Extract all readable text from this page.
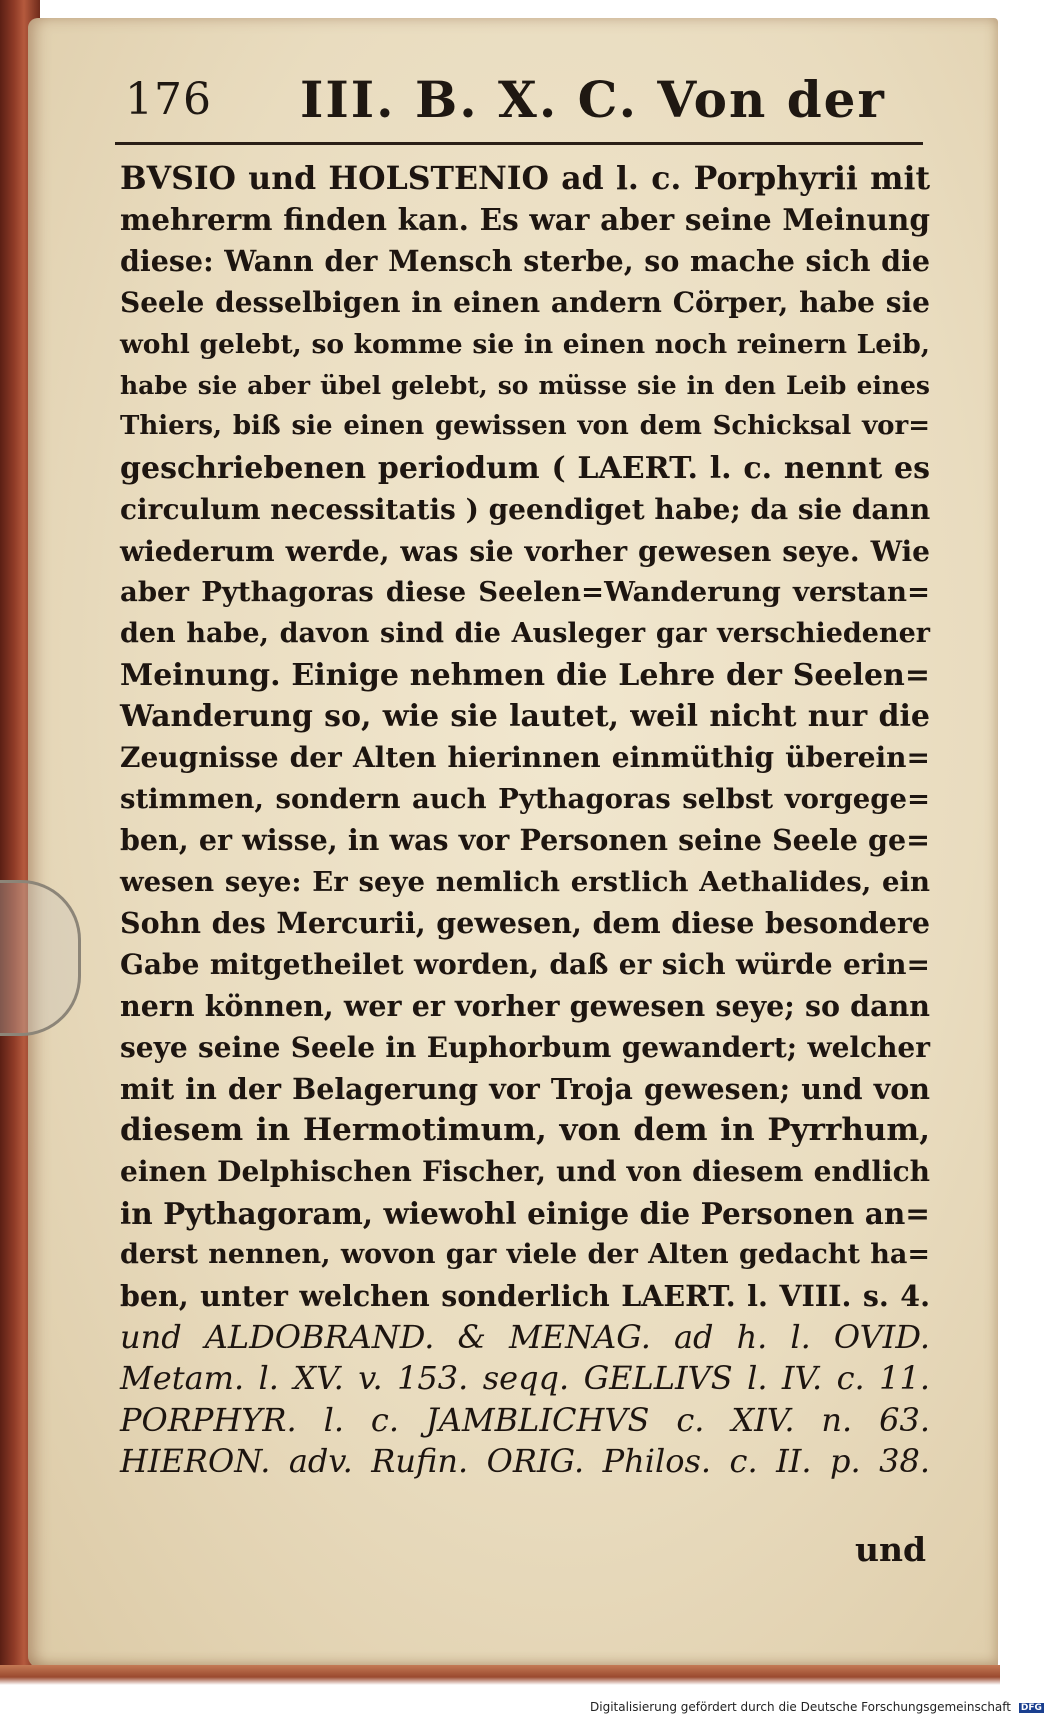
176 III. B. X. C. Von der
BVSIO und HOLSTENIO ad l. c. Porphyrii mit
mehrerm finden kan. Es war aber seine Meinung
diese: Wann der Mensch sterbe, so mache sich die
Seele desselbigen in einen andern Cörper, habe sie
wohl gelebt, so komme sie in einen noch reinern Leib,
habe sie aber übel gelebt, so müsse sie in den Leib eines
Thiers, biß sie einen gewissen von dem Schicksal vor=
geschriebenen periodum ( LAERT. l. c. nennt es
circulum necessitatis ) geendiget habe; da sie dann
wiederum werde, was sie vorher gewesen seye. Wie
aber Pythagoras diese Seelen=Wanderung verstan=
den habe, davon sind die Ausleger gar verschiedener
Meinung. Einige nehmen die Lehre der Seelen=
Wanderung so, wie sie lautet, weil nicht nur die
Zeugnisse der Alten hierinnen einmüthig überein=
stimmen, sondern auch Pythagoras selbst vorgege=
ben, er wisse, in was vor Personen seine Seele ge=
wesen seye: Er seye nemlich erstlich Aethalides, ein
Sohn des Mercurii, gewesen, dem diese besondere
Gabe mitgetheilet worden, daß er sich würde erin=
nern können, wer er vorher gewesen seye; so dann
seye seine Seele in Euphorbum gewandert; welcher
mit in der Belagerung vor Troja gewesen; und von
diesem in Hermotimum, von dem in Pyrrhum,
einen Delphischen Fischer, und von diesem endlich
in Pythagoram, wiewohl einige die Personen an=
derst nennen, wovon gar viele der Alten gedacht ha=
ben, unter welchen sonderlich LAERT. l. VIII. s. 4.
und ALDOBRAND. & MENAG. ad h. l. OVID.
Metam. l. XV. v. 153. seqq. GELLIVS l. IV. c. 11.
PORPHYR. l. c. JAMBLICHVS c. XIV. n. 63.
HIERON. adv. Rufin. ORIG. Philos. c. II. p. 38.
und
Digitalisierung gefördert durch die Deutsche Forschungsgemeinschaft DFG
